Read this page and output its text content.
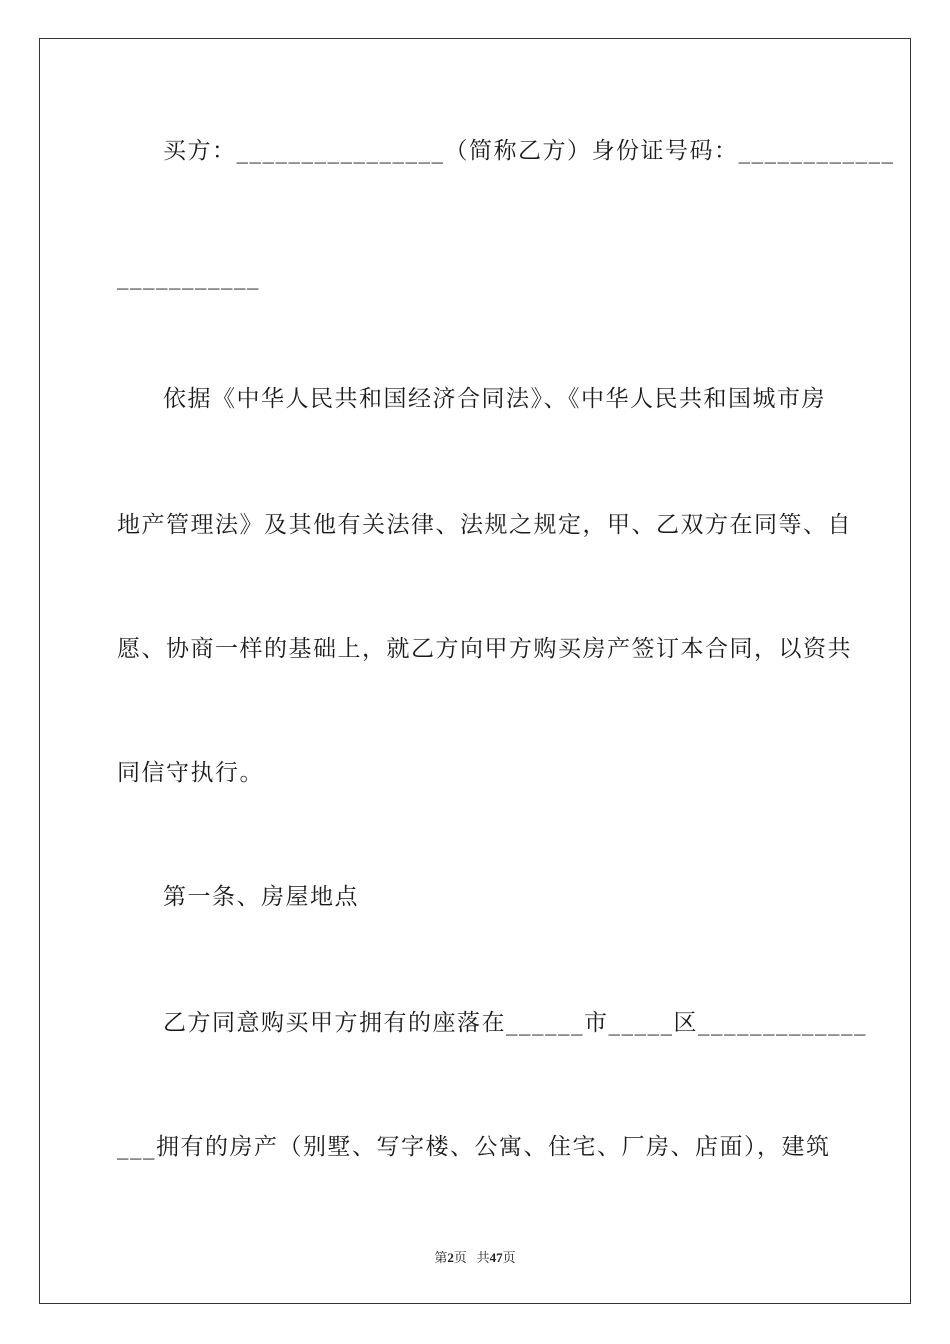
买方：________________（简称乙方）身份证号码：____________
___________
依据《中华人民共和国经济合同法》、《中华人民共和国城市房
地产管理法》及其他有关法律、法规之规定，甲、乙双方在同等、自
愿、协商一样的基础上，就乙方向甲方购买房产签订本合同，以资共
同信守执行。
第一条、房屋地点
乙方同意购买甲方拥有的座落在______市_____区_____________
___拥有的房产（别墅、写字楼、公寓、住宅、厂房、店面），建筑
第2页 共47页
